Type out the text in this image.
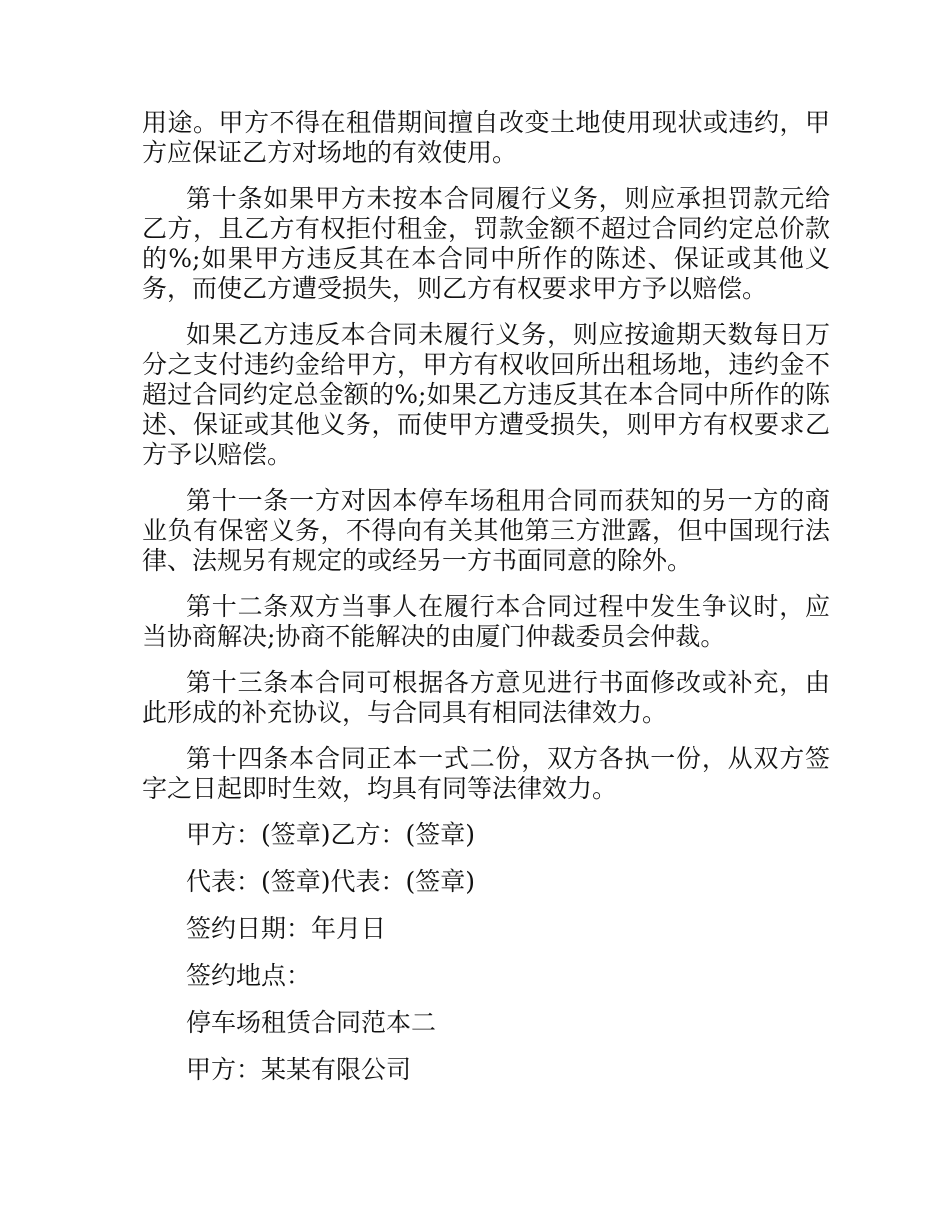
用途。甲方不得在租借期间擅自改变土地使用现状或违约，甲方应保证乙方对场地的有效使用。

第十条如果甲方未按本合同履行义务，则应承担罚款元给乙方，且乙方有权拒付租金，罚款金额不超过合同约定总价款的%;如果甲方违反其在本合同中所作的陈述、保证或其他义务，而使乙方遭受损失，则乙方有权要求甲方予以赔偿。

如果乙方违反本合同未履行义务，则应按逾期天数每日万分之支付违约金给甲方，甲方有权收回所出租场地，违约金不超过合同约定总金额的%;如果乙方违反其在本合同中所作的陈述、保证或其他义务，而使甲方遭受损失，则甲方有权要求乙方予以赔偿。

第十一条一方对因本停车场租用合同而获知的另一方的商业负有保密义务，不得向有关其他第三方泄露，但中国现行法律、法规另有规定的或经另一方书面同意的除外。

第十二条双方当事人在履行本合同过程中发生争议时，应当协商解决;协商不能解决的由厦门仲裁委员会仲裁。

第十三条本合同可根据各方意见进行书面修改或补充，由此形成的补充协议，与合同具有相同法律效力。

第十四条本合同正本一式二份，双方各执一份，从双方签字之日起即时生效，均具有同等法律效力。

甲方：(签章)乙方：(签章)

代表：(签章)代表：(签章)

签约日期：年月日

签约地点：

停车场租赁合同范本二

甲方：某某有限公司
